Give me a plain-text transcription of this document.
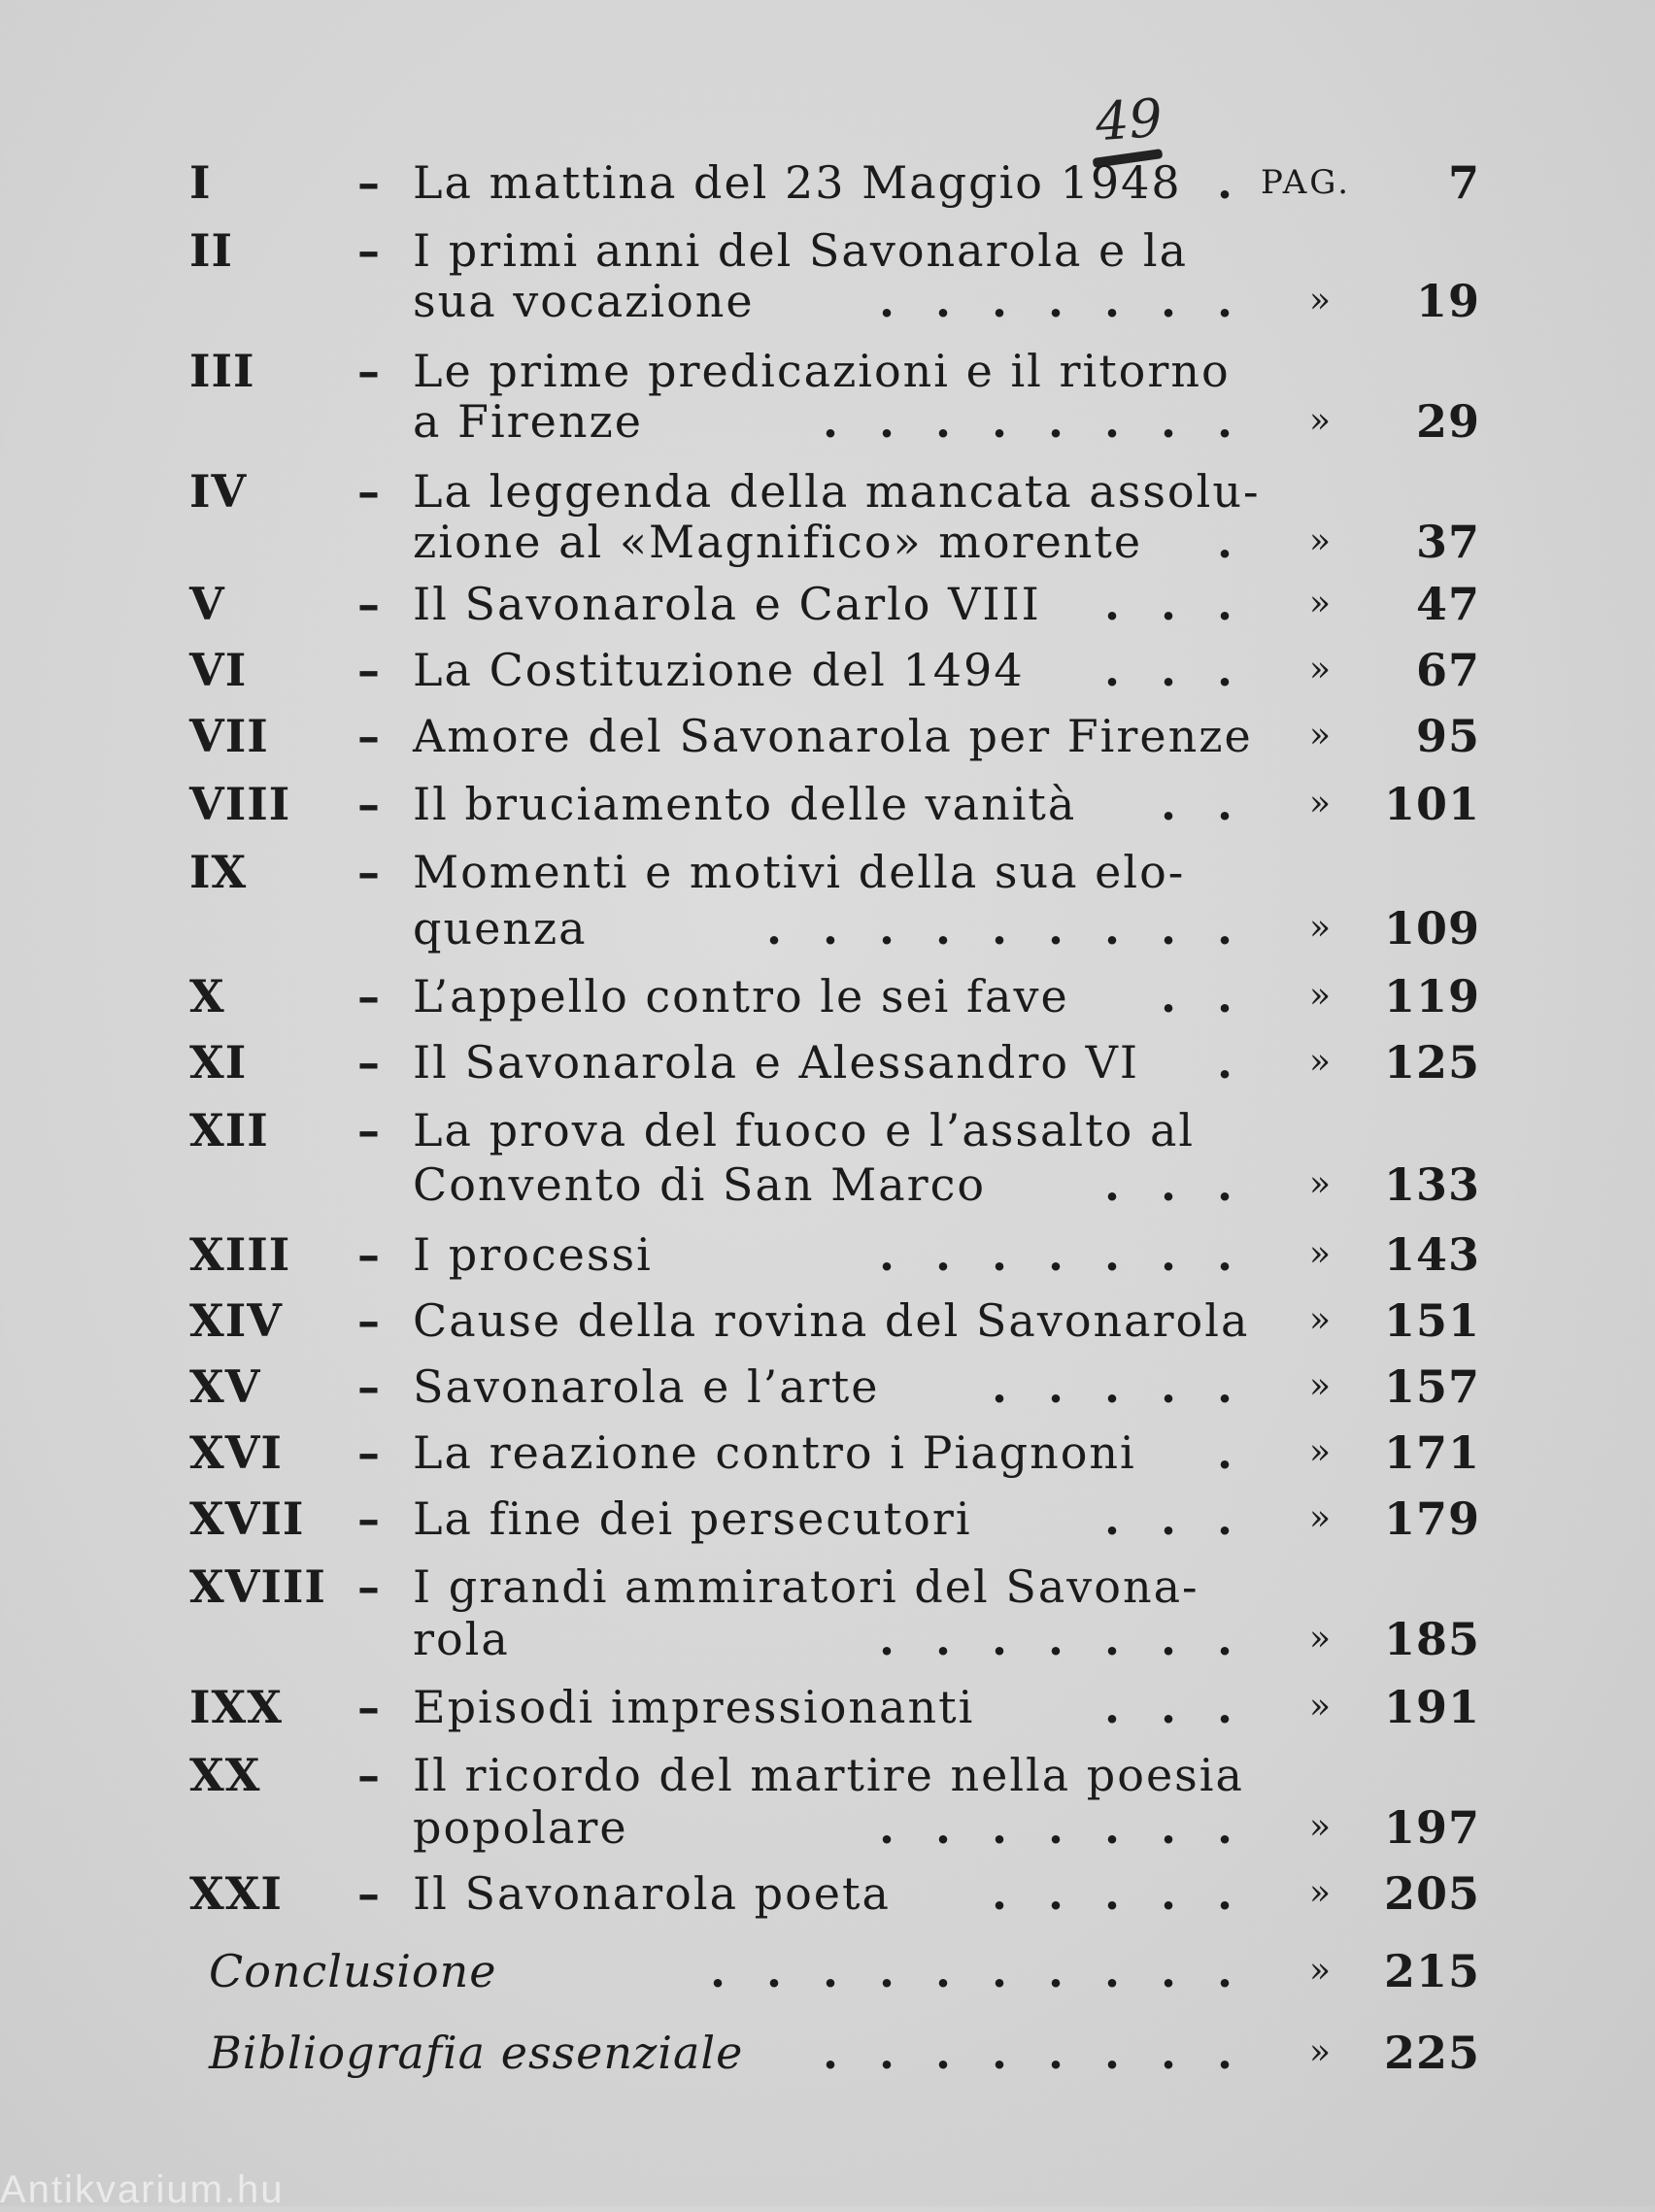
49
Antikvarium.hu
I	– La mattina del 23 Maggio 1948 . PAG.	7
II	– I primi anni del Savonarola e la
sua vocazione	. . . . . . .	»	19
III – Le prime predicazioni e il ritorno
a Firenze	. . . . . . . .	»	29
IV – La leggenda della mancata assolu-
zione al «Magnifico» morente	.	»	37
V	– Il Savonarola e Carlo VIII	. . .	»	47
VI – La Costituzione del 1494	. . .	»	67
VII – Amore del Savonarola per Firenze »	95
VIII – Il bruciamento delle vanità	. .	»	101
IX – Momenti e motivi della sua elo-
quenza	. . . . . . . . .	»	109
X	– L’appello contro le sei fave	. .	»	119
XI – Il Savonarola e Alessandro VI	.	»	125
XII – La prova del fuoco e l’assalto al
Convento di San Marco	. . .	»	133
XIII – I processi	. . . . . . .	»	143
XIV – Cause della rovina del Savonarola »	151
XV – Savonarola e l’arte	. . . . .	»	157
XVI – La reazione contro i Piagnoni	.	»	171
XVII – La fine dei persecutori	. . .	»	179
XVIII – I grandi ammiratori del Savona-
rola	. . . . . . .	»	185
IXX – Episodi impressionanti	. . .	»	191
XX – Il ricordo del martire nella poesia
popolare	. . . . . . .	»	197
XXI – Il Savonarola poeta	. . . . .	»	205
Conclusione	. . . . . . . . . .	»	215
Bibliografia essenziale	. . . . . . . .	»	225
